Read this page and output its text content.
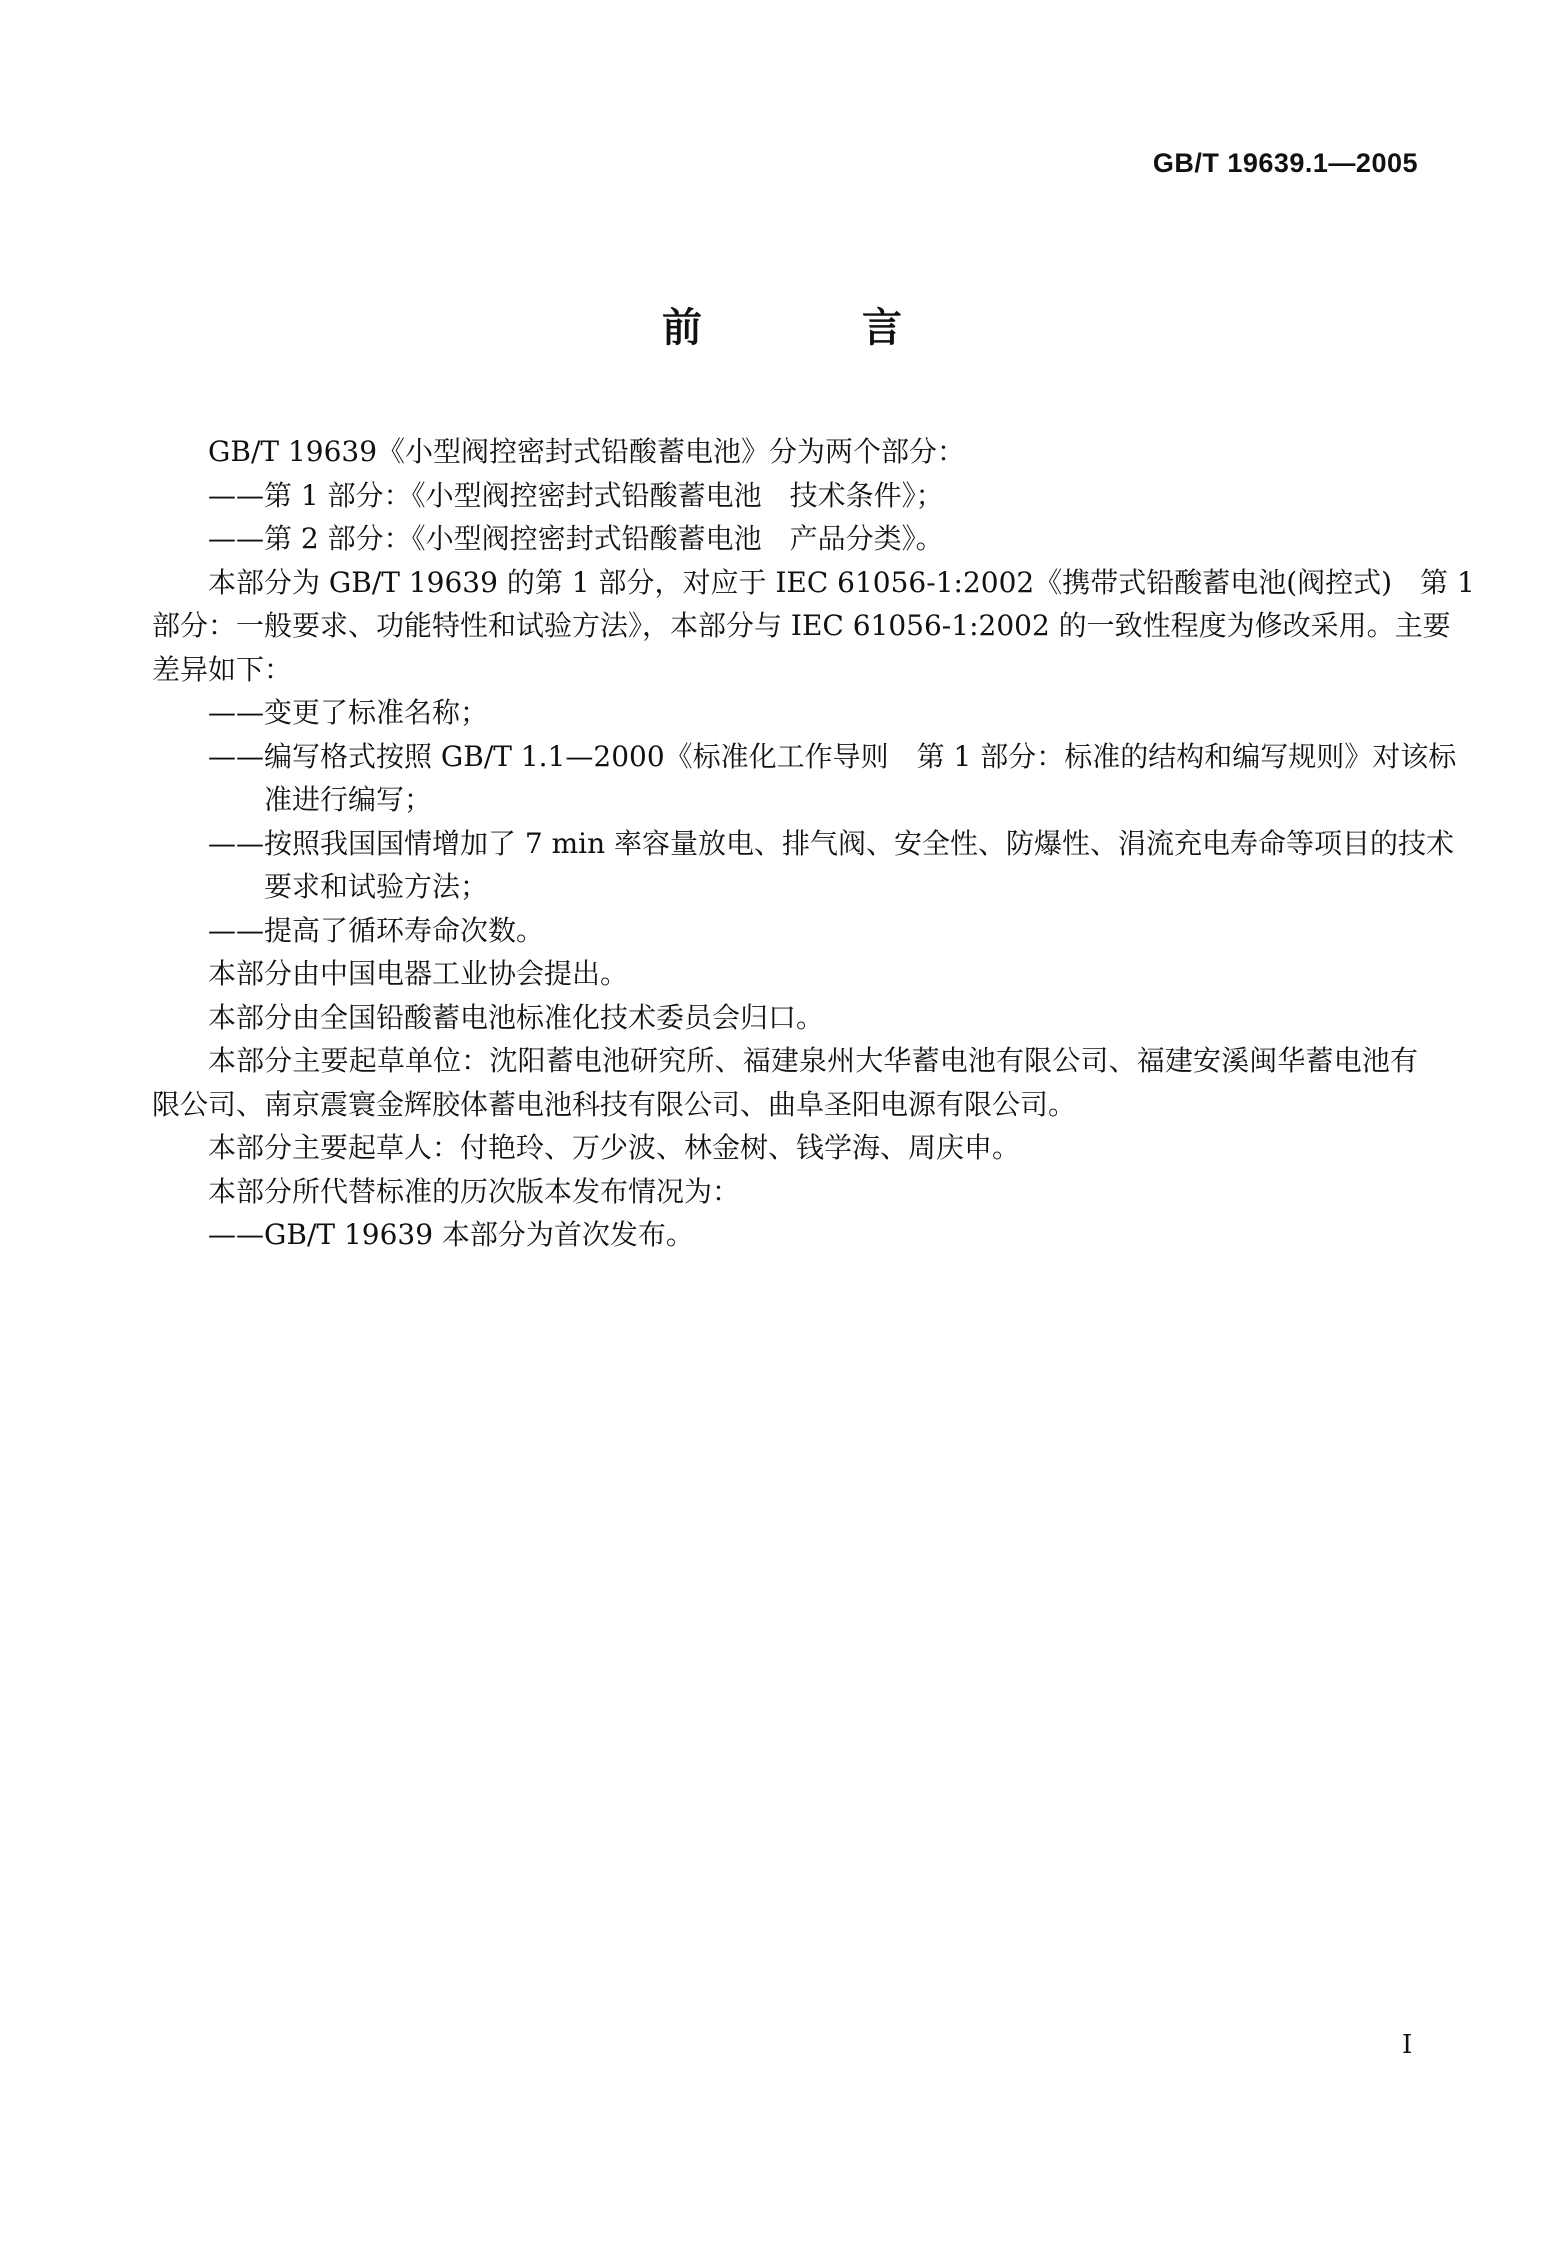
GB/T 19639.1—2005
前　言
GB/T 19639《小型阀控密封式铅酸蓄电池》分为两个部分：
——第 1 部分：《小型阀控密封式铅酸蓄电池　技术条件》；
——第 2 部分：《小型阀控密封式铅酸蓄电池　产品分类》。
本部分为 GB/T 19639 的第 1 部分，对应于 IEC 61056-1:2002《携带式铅酸蓄电池(阀控式)　第 1
部分：一般要求、功能特性和试验方法》，本部分与 IEC 61056-1:2002 的一致性程度为修改采用。主要
差异如下：
——变更了标准名称；
——编写格式按照 GB/T 1.1—2000《标准化工作导则　第 1 部分：标准的结构和编写规则》对该标
准进行编写；
——按照我国国情增加了 7 min 率容量放电、排气阀、安全性、防爆性、涓流充电寿命等项目的技术
要求和试验方法；
——提高了循环寿命次数。
本部分由中国电器工业协会提出。
本部分由全国铅酸蓄电池标准化技术委员会归口。
本部分主要起草单位：沈阳蓄电池研究所、福建泉州大华蓄电池有限公司、福建安溪闽华蓄电池有
限公司、南京震寰金辉胶体蓄电池科技有限公司、曲阜圣阳电源有限公司。
本部分主要起草人：付艳玲、万少波、林金树、钱学海、周庆申。
本部分所代替标准的历次版本发布情况为：
——GB/T 19639 本部分为首次发布。
I
